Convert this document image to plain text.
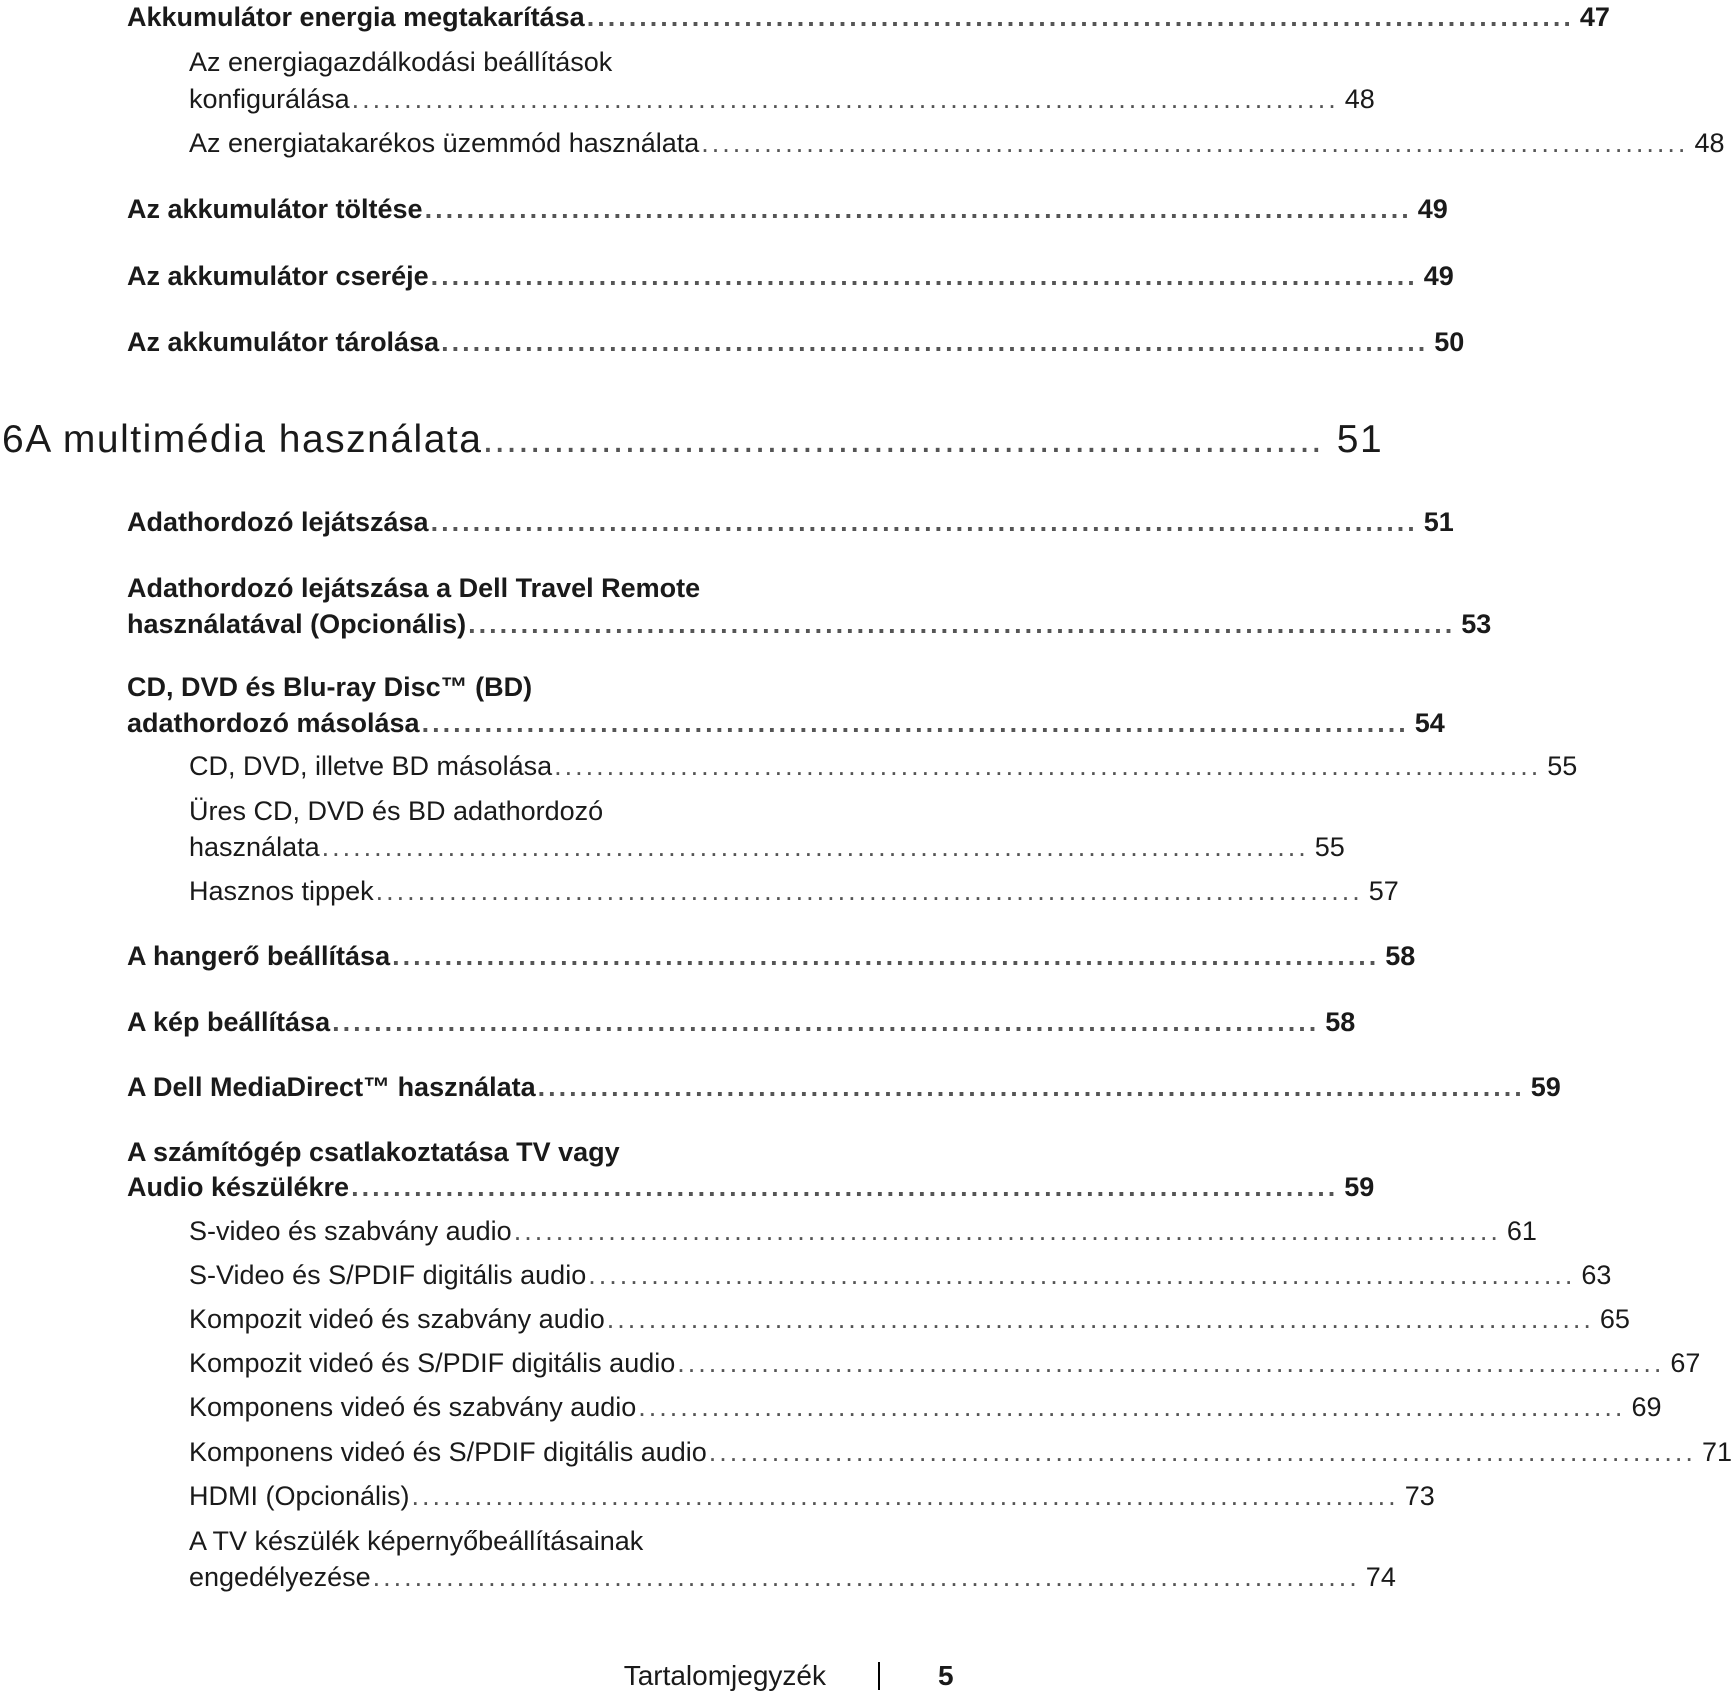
Akkumulátor energia megtakarítása .............................................................................................. 47
Az energiagazdálkodási beállítások
konfigurálása .............................................................................................. 48
Az energiatakarékos üzemmód használata .............................................................................................. 48
Az akkumulátor töltése .............................................................................................. 49
Az akkumulátor cseréje .............................................................................................. 49
Az akkumulátor tárolása .............................................................................................. 50
6 A multimédia használata ....................................................................... 51
Adathordozó lejátszása .............................................................................................. 51
Adathordozó lejátszása a Dell Travel Remote
használatával (Opcionális) .............................................................................................. 53
CD, DVD és Blu-ray Disc™ (BD)
adathordozó másolása .............................................................................................. 54
CD, DVD, illetve BD másolása .............................................................................................. 55
Üres CD, DVD és BD adathordozó
használata .............................................................................................. 55
Hasznos tippek .............................................................................................. 57
A hangerő beállítása .............................................................................................. 58
A kép beállítása .............................................................................................. 58
A Dell MediaDirect™ használata .............................................................................................. 59
A számítógép csatlakoztatása TV vagy
Audio készülékre .............................................................................................. 59
S-video és szabvány audio .............................................................................................. 61
S-Video és S/PDIF digitális audio .............................................................................................. 63
Kompozit videó és szabvány audio .............................................................................................. 65
Kompozit videó és S/PDIF digitális audio .............................................................................................. 67
Komponens videó és szabvány audio .............................................................................................. 69
Komponens videó és S/PDIF digitális audio .............................................................................................. 71
HDMI (Opcionális) .............................................................................................. 73
A TV készülék képernyőbeállításainak
engedélyezése .............................................................................................. 74
Tartalomjegyzék	5
